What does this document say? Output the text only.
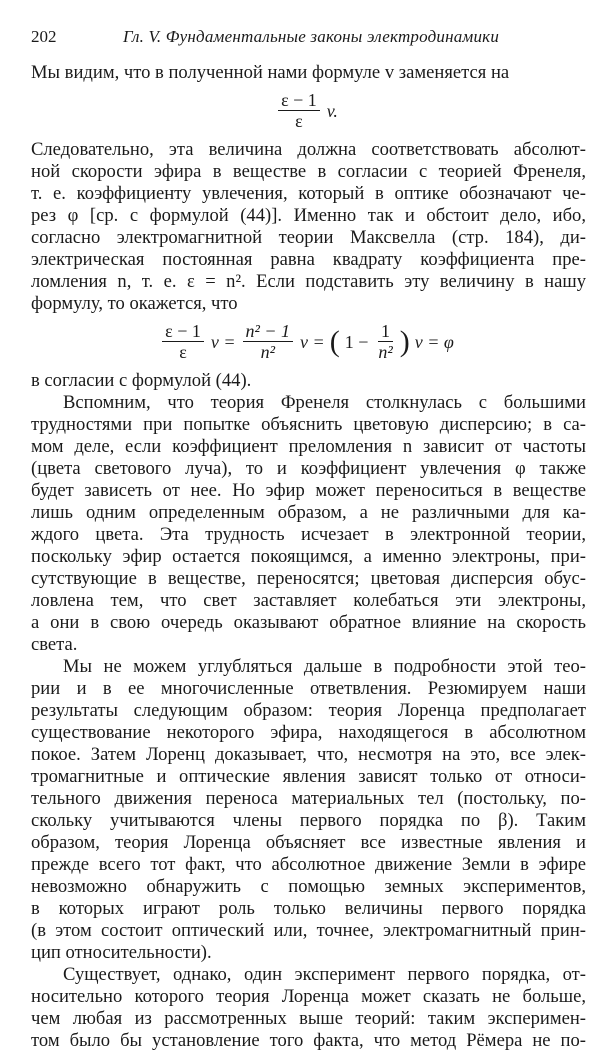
202	Гл. V. Фундаментальные законы электродинамики
Мы видим, что в полученной нами формуле v заменяется на
$\frac{\varepsilon - 1}{\varepsilon} v$.
Следовательно, эта величина должна соответствовать абсолют-
ной скорости эфира в веществе в согласии с теорией Френеля,
т. е. коэффициенту увлечения, который в оптике обозначают че-
рез φ [ср. с формулой (44)]. Именно так и обстоит дело, ибо,
согласно электромагнитной теории Максвелла (стр. 184), ди-
электрическая постоянная равна квадрату коэффициента пре-
ломления n, т. е. ε = n². Если подставить эту величину в нашу
формулу, то окажется, что
$\frac{\varepsilon - 1}{\varepsilon}$ $v = \frac{\text{n² − 1}}{\text{n²}}$ v = ( $1 - \frac{1}{\text{n²}}$ ) v = φ
в согласии с формулой (44).
Вспомним, что теория Френеля столкнулась с большими
трудностями при попытке объяснить цветовую дисперсию; в са-
мом деле, если коэффициент преломления n зависит от частоты
(цвета светового луча), то и коэффициент увлечения φ также
будет зависеть от нее. Но эфир может переноситься в веществе
лишь одним определенным образом, а не различными для ка-
ждого цвета. Эта трудность исчезает в электронной теории,
поскольку эфир остается покоящимся, а именно электроны, при-
сутствующие в веществе, переносятся; цветовая дисперсия обус-
ловлена тем, что свет заставляет колебаться эти электроны,
а они в свою очередь оказывают обратное влияние на скорость
света.
Мы не можем углубляться дальше в подробности этой тео-
рии и в ее многочисленные ответвления. Резюмируем наши
результаты следующим образом: теория Лоренца предполагает
существование некоторого эфира, находящегося в абсолютном
покое. Затем Лоренц доказывает, что, несмотря на это, все элек-
тромагнитные и оптические явления зависят только от относи-
тельного движения переноса материальных тел (постольку, по-
скольку учитываются члены первого порядка по β). Таким
образом, теория Лоренца объясняет все известные явления и
прежде всего тот факт, что абсолютное движение Земли в эфире
невозможно обнаружить с помощью земных экспериментов,
в которых играют роль только величины первого порядка
(в этом состоит оптический или, точнее, электромагнитный прин-
цип относительности).
Существует, однако, один эксперимент первого порядка, от-
носительно которого теория Лоренца может сказать не больше,
чем любая из рассмотренных выше теорий: таким эксперимен-
том было бы установление того факта, что метод Рёмера не по-
